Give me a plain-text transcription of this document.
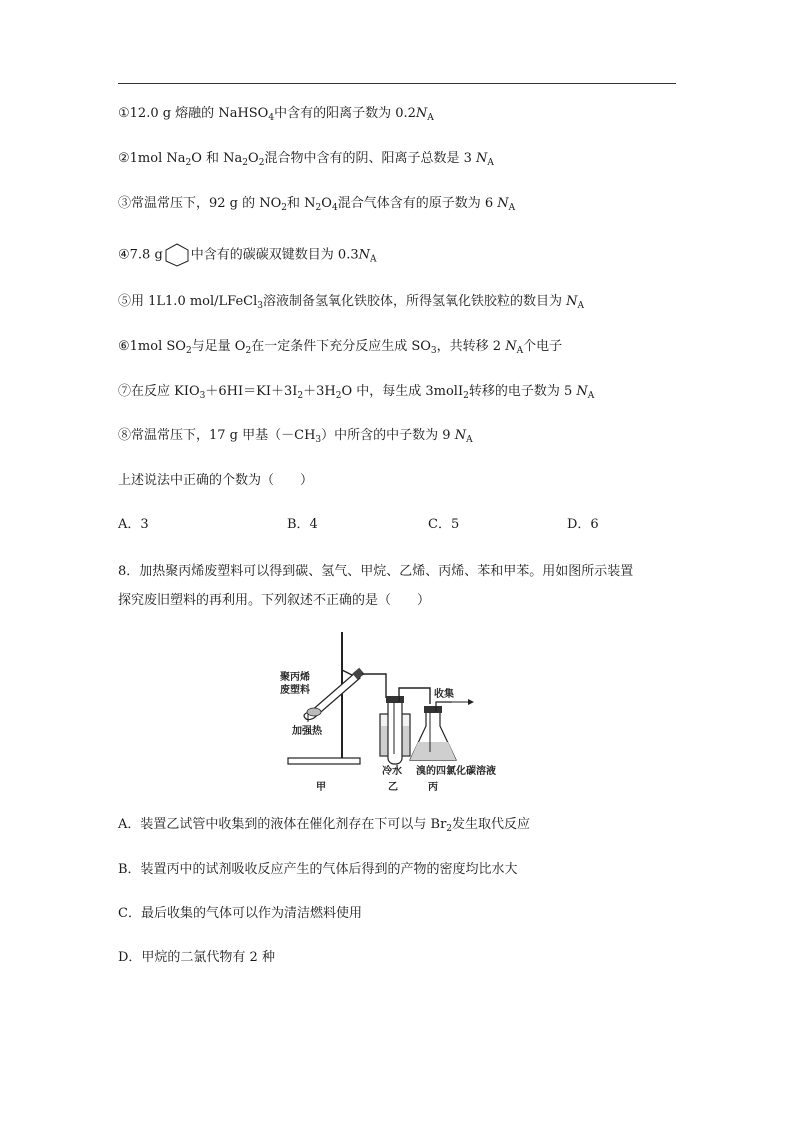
①12.0 g 熔融的 NaHSO$_4$中含有的阳离子数为 $0.2N_A$
②1mol $Na_2O$ 和 $Na_2O_2$混合物中含有的阴、阳离子总数是 3 $N_A$
③常温常压下，92 g 的 $NO_2$和 $N_2O_4$混合气体含有的原子数为 6 $N_A$
④7.8 g 中含有的碳碳双键数目为 $0.3N_A$
⑤用 1L1.0 mol/LFeCl$_3$溶液制备氢氧化铁胶体，所得氢氧化铁胶粒的数目为 $N_A$
⑥1mol $SO_2$与足量 $O_2$在一定条件下充分反应生成 $SO_3$，共转移 2 $N_A$个电子
⑦在反应 $KIO_3+6HI=KI+3I_2+3H_2O$ 中，每生成 3molI$_2$转移的电子数为 5 $N_A$
⑧常温常压下，17 g 甲基$(-CH_3)$中所含的中子数为 9 $N_A$
上述说法中正确的个数为（　　）
A．3	B．4	C．5	D．6
8．加热聚丙烯废塑料可以得到碳、氢气、甲烷、乙烯、丙烯、苯和甲苯。用如图所示装置
探究废旧塑料的再利用。下列叙述不正确的是（　　）
聚丙烯
废塑料
加强热
收集
冷水 溴的四氯化碳溶液
甲	乙	丙
A．装置乙试管中收集到的液体在催化剂存在下可以与 $Br_2$发生取代反应
B．装置丙中的试剂吸收反应产生的气体后得到的产物的密度均比水大
C．最后收集的气体可以作为清洁燃料使用
D．甲烷的二氯代物有 2 种
